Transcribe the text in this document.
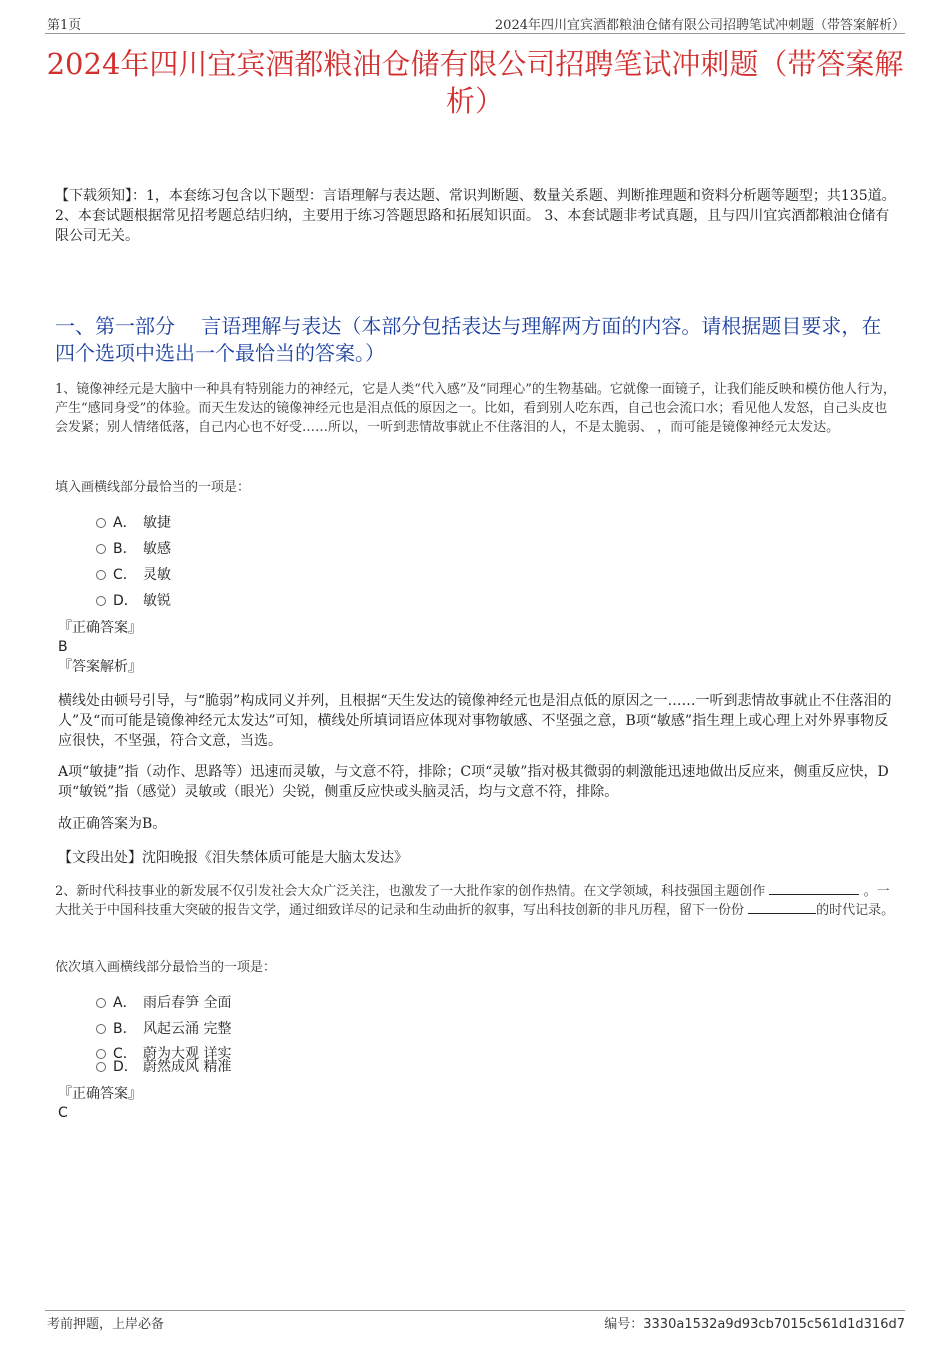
第1页	2024年四川宜宾酒都粮油仓储有限公司招聘笔试冲刺题（带答案解析）
2024年四川宜宾酒都粮油仓储有限公司招聘笔试冲刺题（带答案解析）
【下载须知】：1，本套练习包含以下题型：言语理解与表达题、常识判断题、数量关系题、判断推理题和资料分析题等题型；共135道。 2、本套试题根据常见招考题总结归纳，主要用于练习答题思路和拓展知识面。 3、本套试题非考试真题，且与四川宜宾酒都粮油仓储有限公司无关。
一、第一部分　 言语理解与表达（本部分包括表达与理解两方面的内容。请根据题目要求，在四个选项中选出一个最恰当的答案。）
1、镜像神经元是大脑中一种具有特别能力的神经元，它是人类“代入感”及“同理心”的生物基础。它就像一面镜子，让我们能反映和模仿他人行为，产生“感同身受”的体验。而天生发达的镜像神经元也是泪点低的原因之一。比如，看到别人吃东西，自己也会流口水；看见他人发怒，自己头皮也会发紧；别人情绪低落，自己内心也不好受……所以，一听到悲情故事就止不住落泪的人，不是太脆弱、 ，而可能是镜像神经元太发达。
填入画横线部分最恰当的一项是：
A． 敏捷
B． 敏感
C． 灵敏
D． 敏锐
『正确答案』
B
『答案解析』
横线处由顿号引导，与“脆弱”构成同义并列，且根据“天生发达的镜像神经元也是泪点低的原因之一……一听到悲情故事就止不住落泪的人”及“而可能是镜像神经元太发达”可知，横线处所填词语应体现对事物敏感、不坚强之意，B项“敏感”指生理上或心理上对外界事物反应很快，不坚强，符合文意，当选。
A项“敏捷”指（动作、思路等）迅速而灵敏，与文意不符，排除；C项“灵敏”指对极其微弱的刺激能迅速地做出反应来，侧重反应快，D项“敏锐”指（感觉）灵敏或（眼光）尖锐，侧重反应快或头脑灵活，均与文意不符，排除。
故正确答案为B。
【文段出处】沈阳晚报《泪失禁体质可能是大脑太发达》
2、新时代科技事业的新发展不仅引发社会大众广泛关注，也激发了一大批作家的创作热情。在文学领域，科技强国主题创作	。一大批关于中国科技重大突破的报告文学，通过细致详尽的记录和生动曲折的叙事，写出科技创新的非凡历程，留下一份份	的时代记录。
依次填入画横线部分最恰当的一项是：
A． 雨后春笋 全面
B． 风起云涌 完整
C． 蔚为大观 详实
D． 蔚然成风 精准
『正确答案』
C
考前押题，上岸必备	编号：3330a1532a9d93cb7015c561d1d316d7
